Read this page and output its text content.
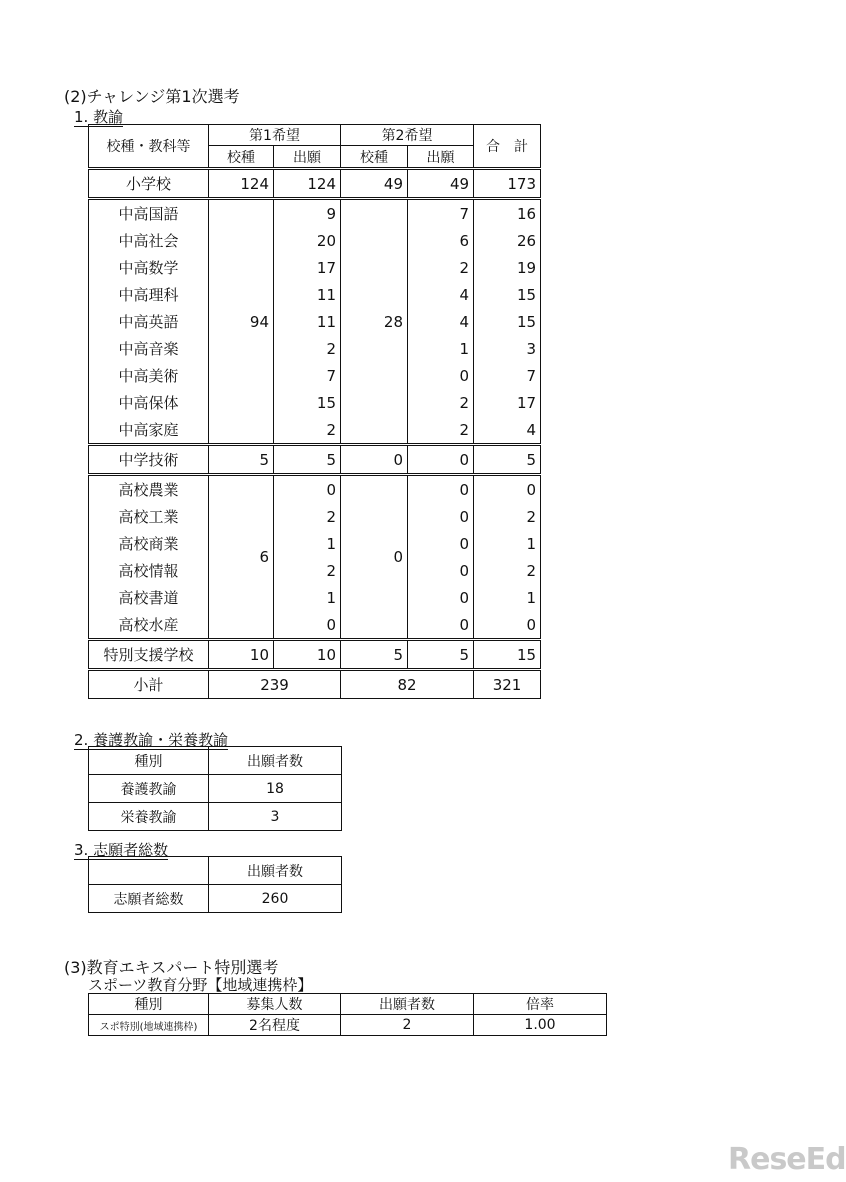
(2)チャレンジ第1次選考
1. 教諭
校種・教科等	第1希望		第2希望		合　計
	校種	出願	校種	出願	
小学校	124	124	49	49	173
中高国語	94	9	28	7	16
中高社会		20		6	26
中高数学		17		2	19
中高理科		11		4	15
中高英語		11		4	15
中高音楽		2		1	3
中高美術		7		0	7
中高保体		15		2	17
中高家庭		2		2	4
中学技術	5	5	0	0	5
高校農業	6	0	0	0	0
高校工業		2		0	2
高校商業		1		0	1
高校情報		2		0	2
高校書道		1		0	1
高校水産		0		0	0
特別支援学校	10	10	5	5	15
小計	239		82		321
2. 養護教諭・栄養教諭
種別	出願者数
養護教諭	18
栄養教諭	3
3. 志願者総数
	出願者数
志願者総数	260
(3)教育エキスパート特別選考
スポーツ教育分野【地域連携枠】
種別	募集人数	出願者数	倍率
スポ特別(地域連携枠)	2名程度	2	1.00
ReseEd
